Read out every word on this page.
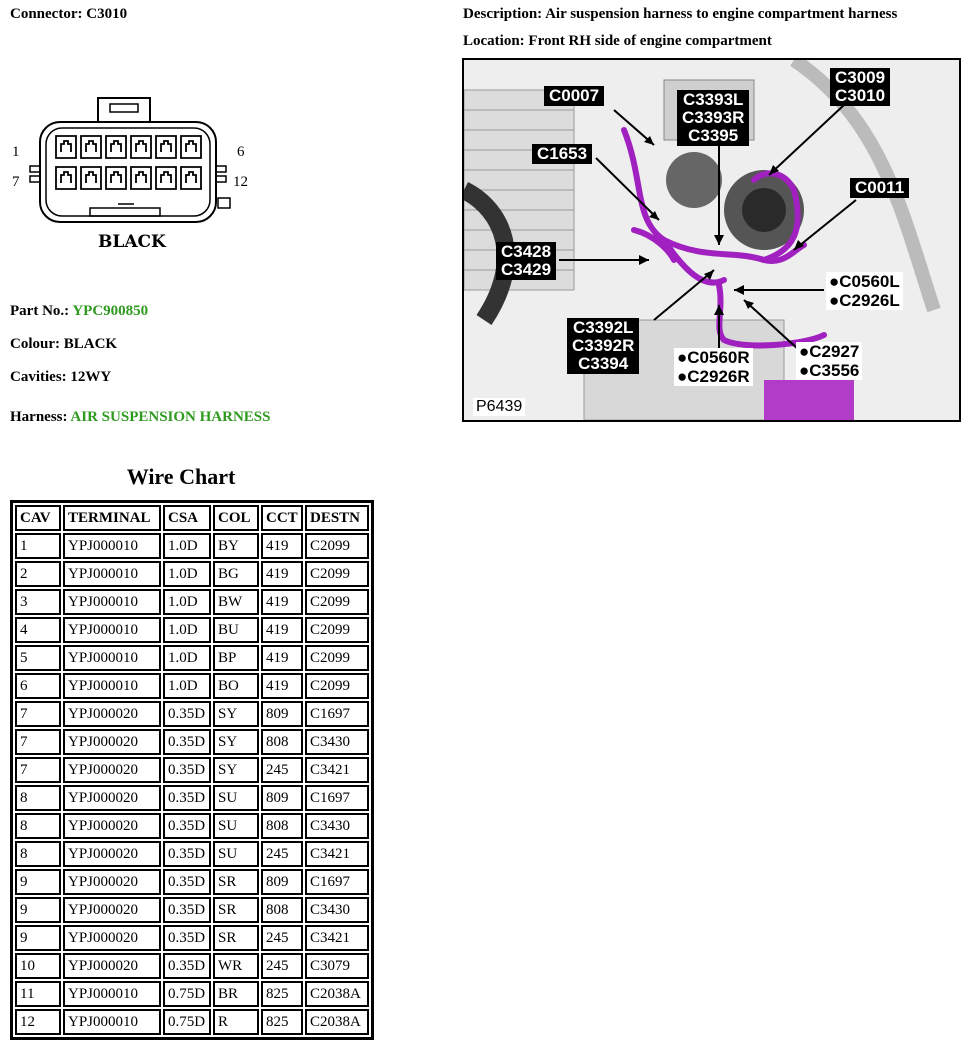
Connector: C3010	Description: Air suspension harness to engine compartment harness
Location: Front RH side of engine compartment
1	6
7	12
BLACK
Part No.: YPC900850
Colour: BLACK
Cavities: 12WY
Harness: AIR SUSPENSION HARNESS
C0007
C1653
C3393L
C3393R
C3395
C3009
C3010
C0011
C3428
C3429
●C0560L
●C2926L
C3392L
C3392R
C3394	●C0560R
●C2926R
●C2927
●C3556
P6439
Wire Chart
CAV	TERMINAL	CSA	COL	CCT	DESTN
1	YPJ000010	1.0D	BY	419	C2099
2	YPJ000010	1.0D	BG	419	C2099
3	YPJ000010	1.0D	BW	419	C2099
4	YPJ000010	1.0D	BU	419	C2099
5	YPJ000010	1.0D	BP	419	C2099
6	YPJ000010	1.0D	BO	419	C2099
7	YPJ000020	0.35D	SY	809	C1697
7	YPJ000020	0.35D	SY	808	C3430
7	YPJ000020	0.35D	SY	245	C3421
8	YPJ000020	0.35D	SU	809	C1697
8	YPJ000020	0.35D	SU	808	C3430
8	YPJ000020	0.35D	SU	245	C3421
9	YPJ000020	0.35D	SR	809	C1697
9	YPJ000020	0.35D	SR	808	C3430
9	YPJ000020	0.35D	SR	245	C3421
10	YPJ000020	0.35D	WR	245	C3079
11	YPJ000010	0.75D	BR	825	C2038A
12	YPJ000010	0.75D	R	825	C2038A
